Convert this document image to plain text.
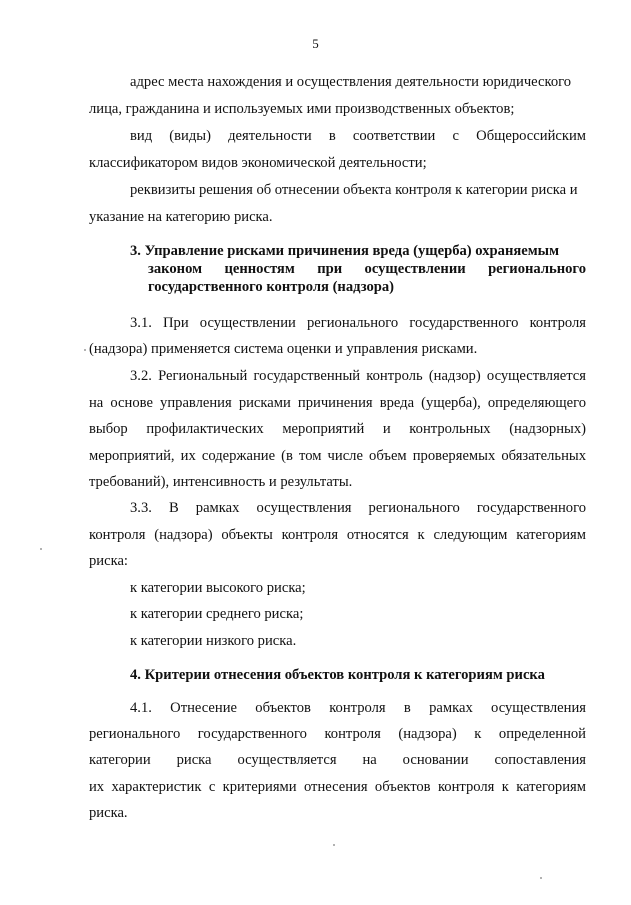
5
адрес места нахождения и осуществления деятельности юридического
лица, гражданина и используемых ими производственных объектов;
вид (виды) деятельности в соответствии с Общероссийским
классификатором видов экономической деятельности;
реквизиты решения об отнесении объекта контроля к категории риска и
указание на категорию риска.
3. Управление рисками причинения вреда (ущерба) охраняемым
законом ценностям при осуществлении регионального
государственного контроля (надзора)
3.1. При осуществлении регионального государственного контроля
(надзора) применяется система оценки и управления рисками.
3.2. Региональный государственный контроль (надзор) осуществляется
на основе управления рисками причинения вреда (ущерба), определяющего
выбор профилактических мероприятий и контрольных (надзорных)
мероприятий, их содержание (в том числе объем проверяемых обязательных
требований), интенсивность и результаты.
3.3. В рамках осуществления регионального государственного
контроля (надзора) объекты контроля относятся к следующим категориям
риска:
к категории высокого риска;
к категории среднего риска;
к категории низкого риска.
4. Критерии отнесения объектов контроля к категориям риска
4.1. Отнесение объектов контроля в рамках осуществления
регионального государственного контроля (надзора) к определенной
категории риска осуществляется на основании сопоставления
их характеристик с критериями отнесения объектов контроля к категориям
риска.
